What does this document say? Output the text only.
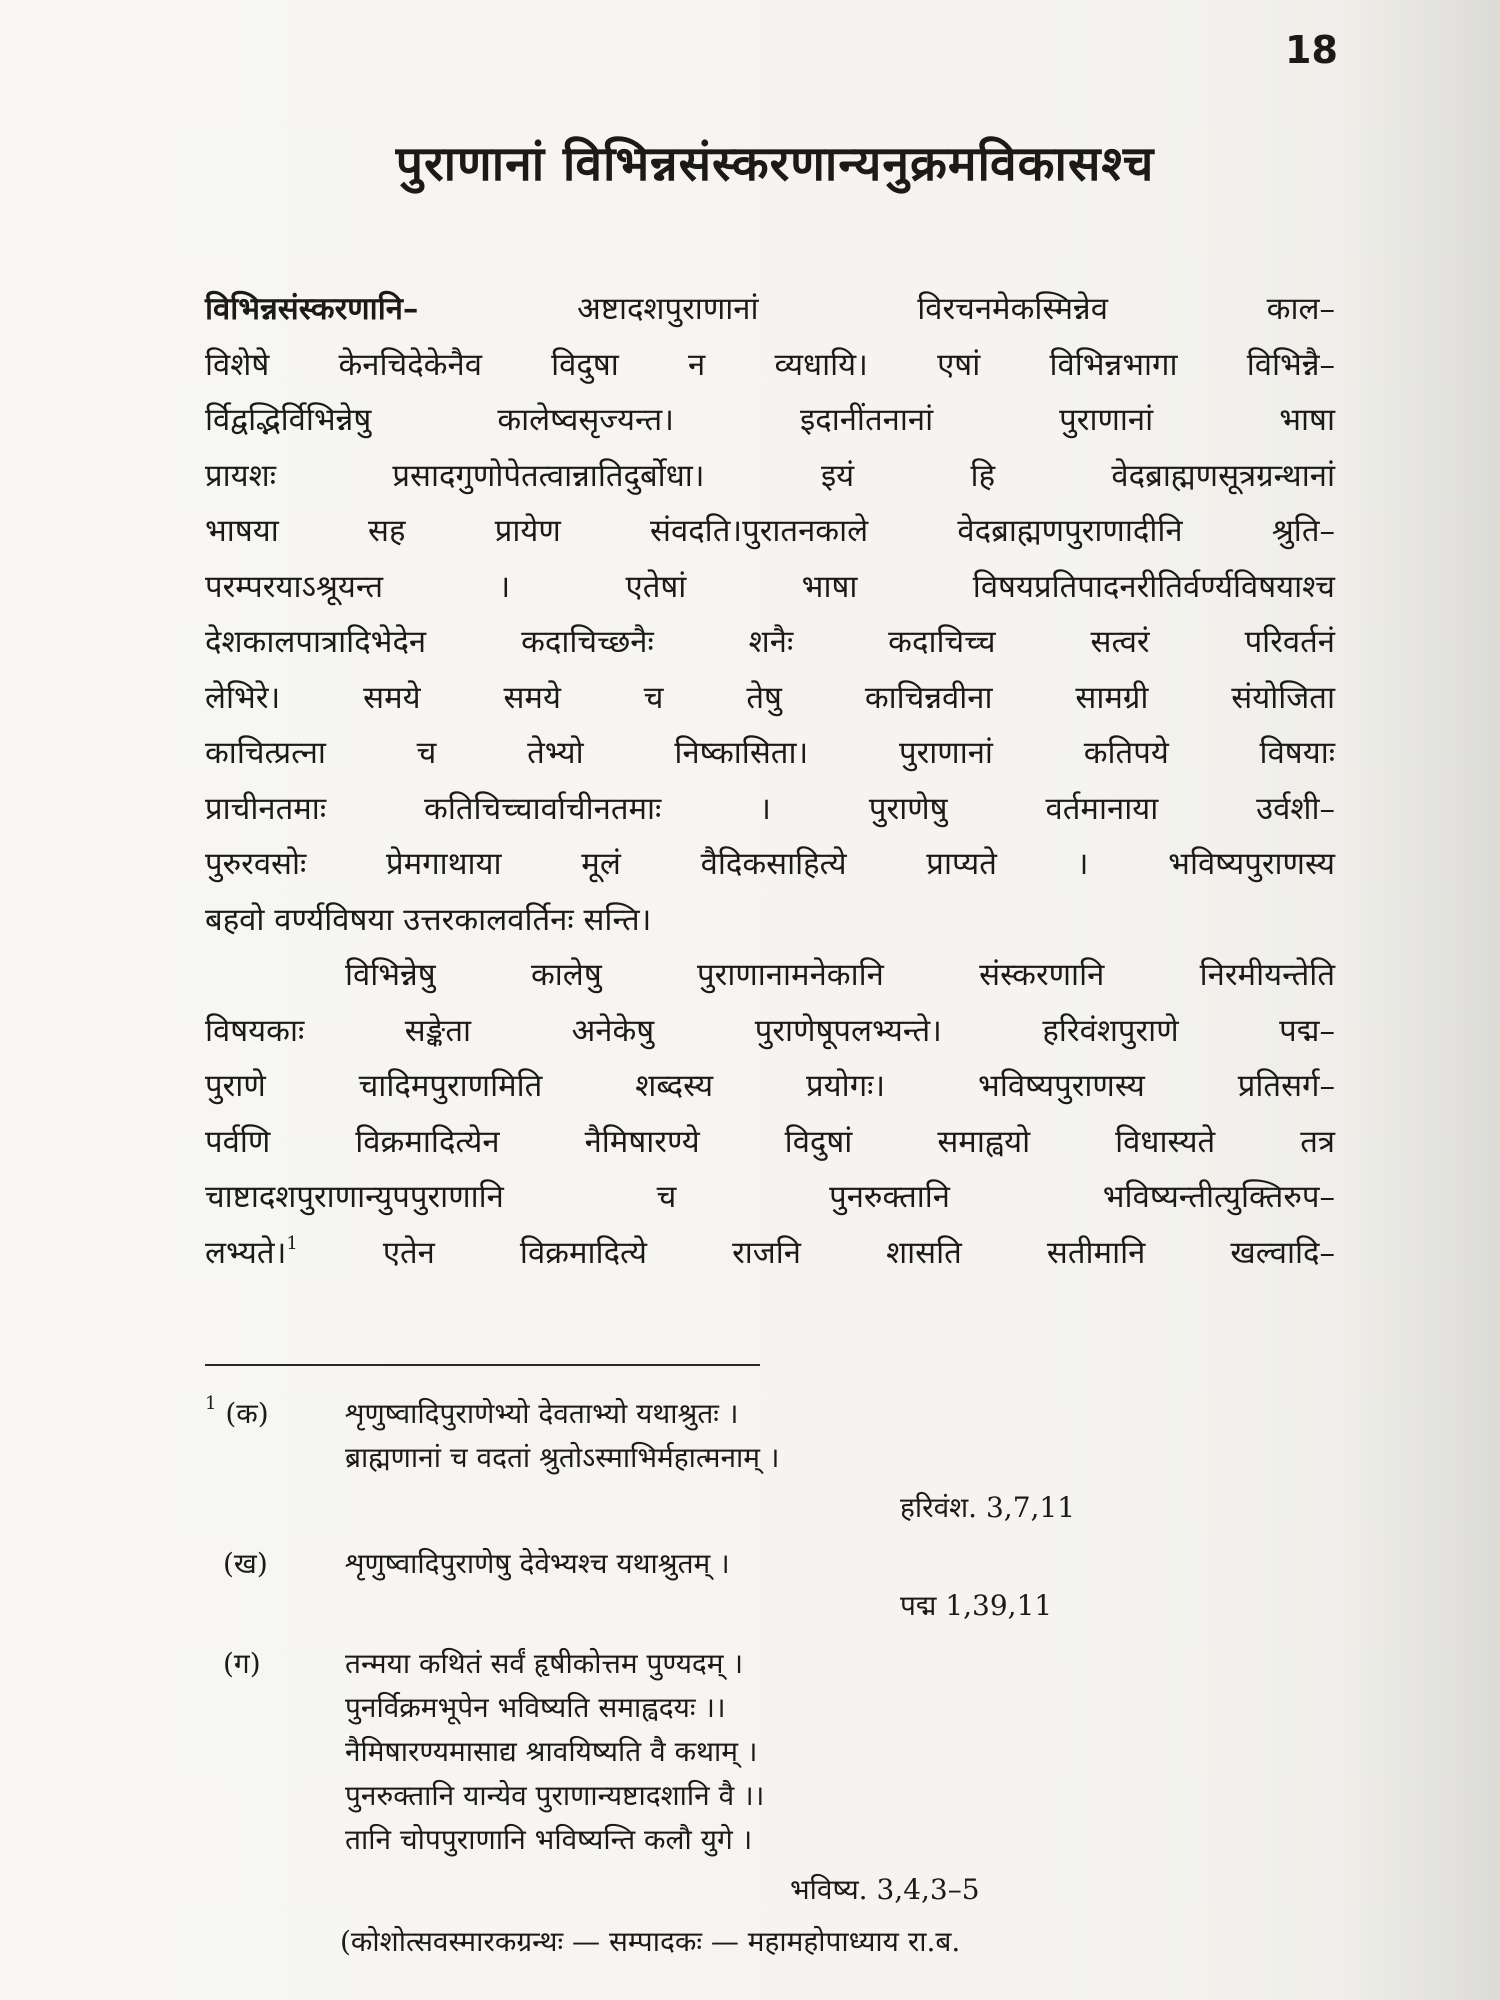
18
पुराणानां विभिन्नसंस्करणान्यनुक्रमविकासश्च
विभिन्नसंस्करणानि–	अष्टादशपुराणानां विरचनमेकस्मिन्नेव काल–
विशेषे केनचिदेकेनैव विदुषा न व्यधायि। एषां विभिन्नभागा विभिन्नै–
र्विद्वद्भिर्विभिन्नेषु कालेष्वसृज्यन्त। इदानींतनानां पुराणानां भाषा
प्रायशः प्रसादगुणोपेतत्वान्नातिदुर्बोधा। इयं हि वेदब्राह्मणसूत्रग्रन्थानां
भाषया सह प्रायेण संवदति।पुरातनकाले वेदब्राह्मणपुराणादीनि श्रुति–
परम्परयाऽश्रूयन्त । एतेषां भाषा विषयप्रतिपादनरीतिर्वर्ण्यविषयाश्च
देशकालपात्रादिभेदेन कदाचिच्छनैः शनैः कदाचिच्च सत्वरं परिवर्तनं
लेभिरे। समये समये च तेषु काचिन्नवीना सामग्री संयोजिता
काचित्प्रत्ना च तेभ्यो निष्कासिता। पुराणानां कतिपये विषयाः
प्राचीनतमाः कतिचिच्चार्वाचीनतमाः । पुराणेषु वर्तमानाया उर्वशी–
पुरुरवसोः प्रेमगाथाया मूलं वैदिकसाहित्ये प्राप्यते । भविष्यपुराणस्य
बहवो वर्ण्यविषया उत्तरकालवर्तिनः सन्ति।
विभिन्नेषु कालेषु पुराणानामनेकानि संस्करणानि निरमीयन्तेति
विषयकाः सङ्केता अनेकेषु पुराणेषूपलभ्यन्ते। हरिवंशपुराणे पद्म–
पुराणे चादिमपुराणमिति शब्दस्य प्रयोगः। भविष्यपुराणस्य प्रतिसर्ग–
पर्वणि विक्रमादित्येन नैमिषारण्ये विदुषां समाह्वयो विधास्यते तत्र
चाष्टादशपुराणान्युपपुराणानि च पुनरुक्तानि भविष्यन्तीत्युक्तिरुप–
लभ्यते।$^1$	एतेन विक्रमादित्ये राजनि शासति सतीमानि खल्वादि–
$^1$ (क)	शृणुष्वादिपुराणेभ्यो देवताभ्यो यथाश्रुतः ।
ब्राह्मणानां च वदतां श्रुतोऽस्माभिर्महात्मनाम् ।
हरिवंश. 3,7,11
(ख)	शृणुष्वादिपुराणेषु देवेभ्यश्च यथाश्रुतम् ।
पद्म 1,39,11
(ग)	तन्मया कथितं सर्वं हृषीकोत्तम पुण्यदम् ।
पुनर्विक्रमभूपेन भविष्यति समाह्वदयः ।।
नैमिषारण्यमासाद्य श्रावयिष्यति वै कथाम् ।
पुनरुक्तानि यान्येव पुराणान्यष्टादशानि वै ।।
तानि चोपपुराणानि भविष्यन्ति कलौ युगे ।
भविष्य. 3,4,3–5
(कोशोत्सवस्मारकग्रन्थः — सम्पादकः — महामहोपाध्याय रा.ब.
